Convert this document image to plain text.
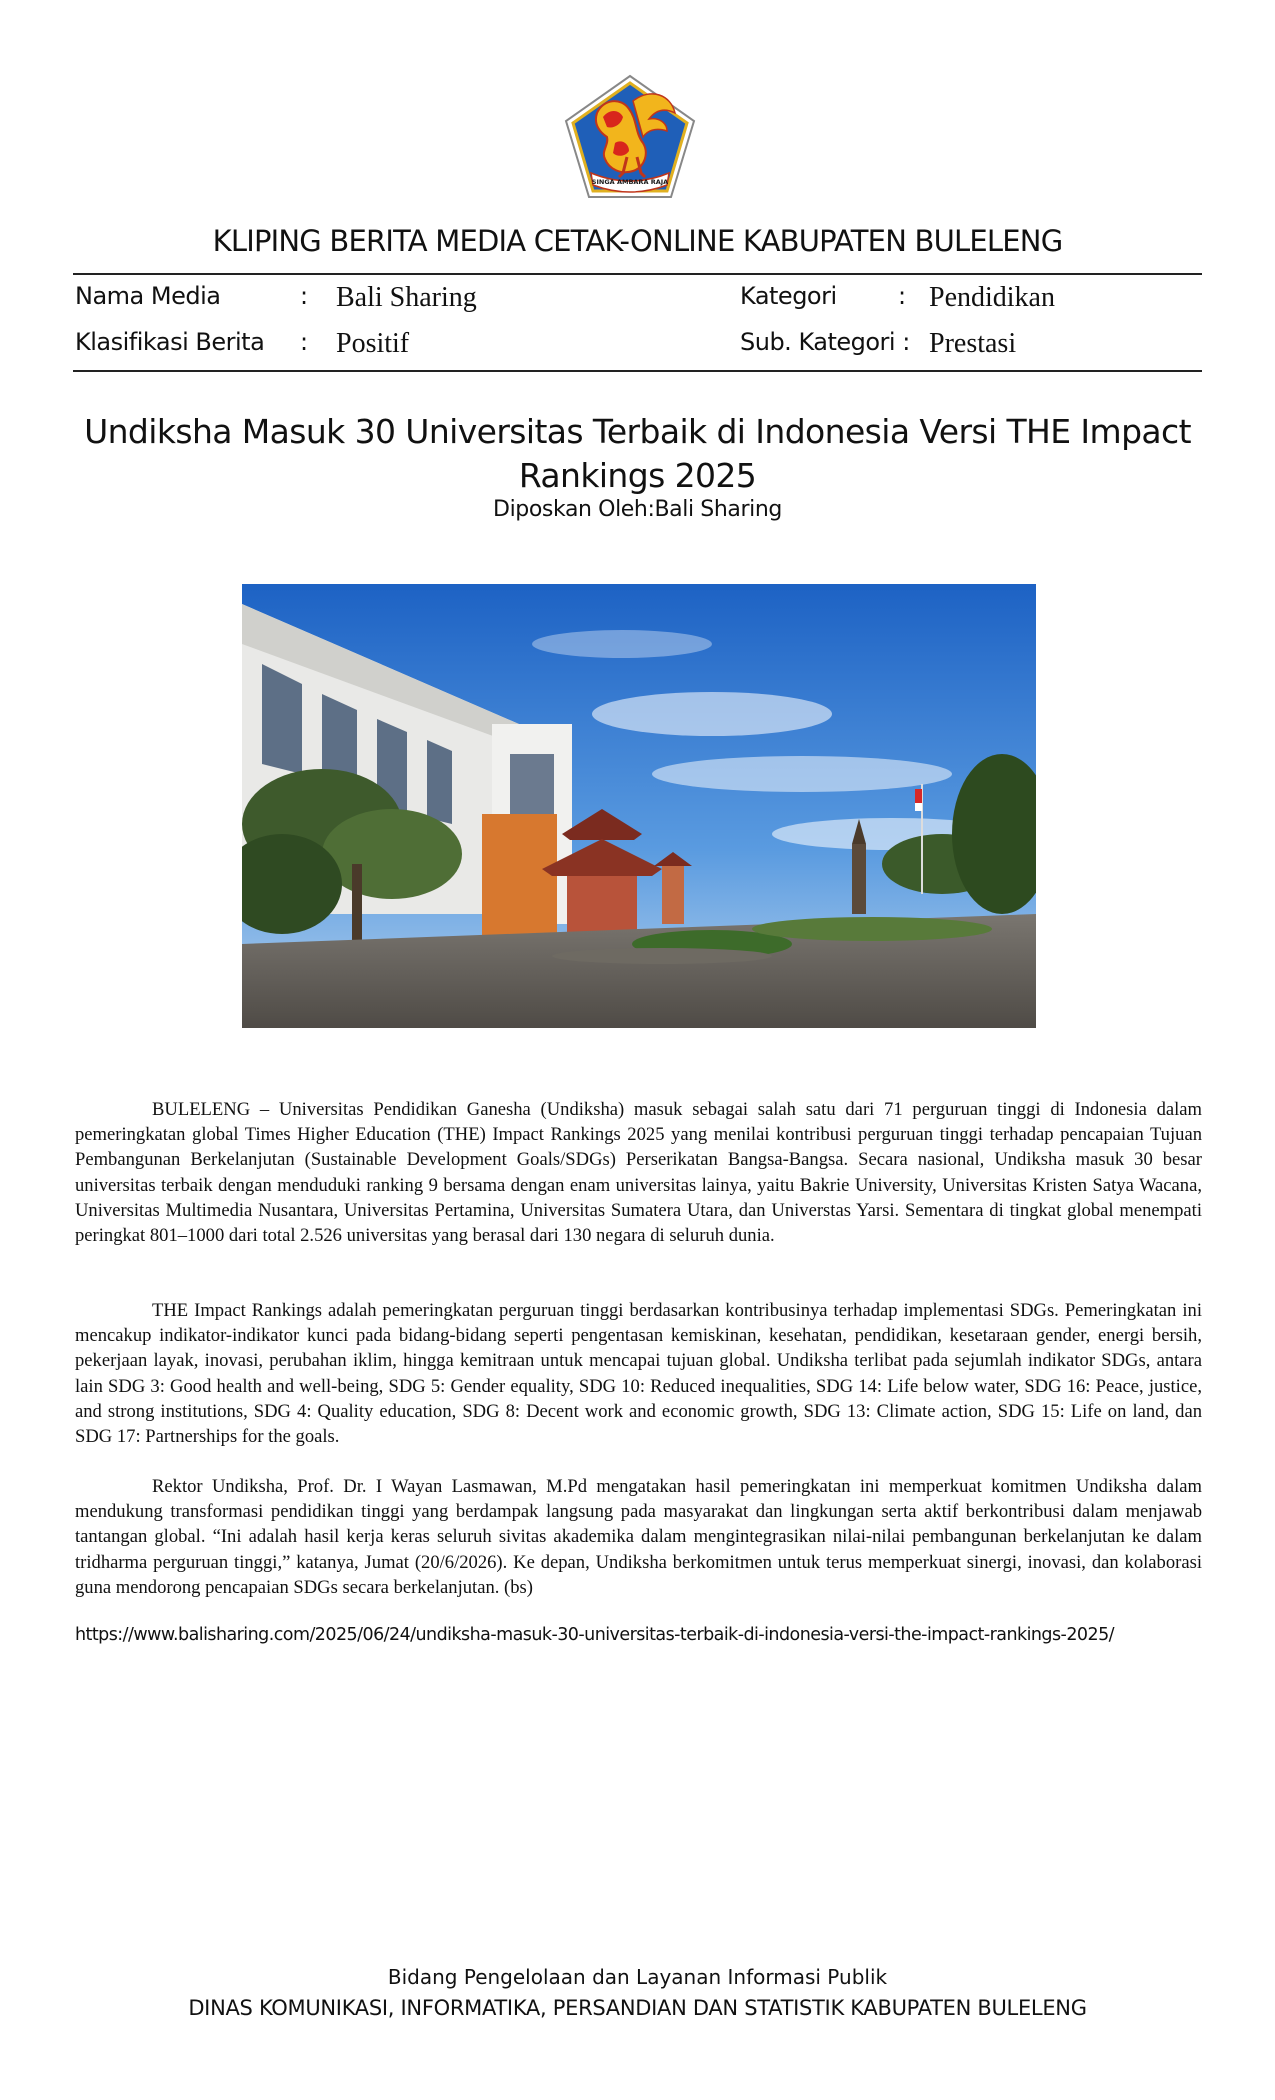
SINGA AMBARA RAJA
KLIPING BERITA MEDIA CETAK-ONLINE KABUPATEN BULELENG
Nama Media	: Bali Sharing	Kategori	: Pendidikan
Klasifikasi Berita : Positif	Sub. Kategori : Prestasi
Undiksha Masuk 30 Universitas Terbaik di Indonesia Versi THE Impact Rankings 2025
Diposkan Oleh:Bali Sharing

BULELENG – Universitas Pendidikan Ganesha (Undiksha) masuk sebagai salah satu dari 71 perguruan tinggi di Indonesia dalam pemeringkatan global Times Higher Education (THE) Impact Rankings 2025 yang menilai kontribusi perguruan tinggi terhadap pencapaian Tujuan Pembangunan Berkelanjutan (Sustainable Development Goals/SDGs) Perserikatan Bangsa-Bangsa. Secara nasional, Undiksha masuk 30 besar universitas terbaik dengan menduduki ranking 9 bersama dengan enam universitas lainya, yaitu Bakrie University, Universitas Kristen Satya Wacana, Universitas Multimedia Nusantara, Universitas Pertamina, Universitas Sumatera Utara, dan Universtas Yarsi. Sementara di tingkat global menempati peringkat 801–1000 dari total 2.526 universitas yang berasal dari 130 negara di seluruh dunia.

THE Impact Rankings adalah pemeringkatan perguruan tinggi berdasarkan kontribusinya terhadap implementasi SDGs. Pemeringkatan ini mencakup indikator-indikator kunci pada bidang-bidang seperti pengentasan kemiskinan, kesehatan, pendidikan, kesetaraan gender, energi bersih, pekerjaan layak, inovasi, perubahan iklim, hingga kemitraan untuk mencapai tujuan global. Undiksha terlibat pada sejumlah indikator SDGs, antara lain SDG 3: Good health and well-being, SDG 5: Gender equality, SDG 10: Reduced inequalities, SDG 14: Life below water, SDG 16: Peace, justice, and strong institutions, SDG 4: Quality education, SDG 8: Decent work and economic growth, SDG 13: Climate action, SDG 15: Life on land, dan SDG 17: Partnerships for the goals.

Rektor Undiksha, Prof. Dr. I Wayan Lasmawan, M.Pd mengatakan hasil pemeringkatan ini memperkuat komitmen Undiksha dalam mendukung transformasi pendidikan tinggi yang berdampak langsung pada masyarakat dan lingkungan serta aktif berkontribusi dalam menjawab tantangan global. “Ini adalah hasil kerja keras seluruh sivitas akademika dalam mengintegrasikan nilai-nilai pembangunan berkelanjutan ke dalam tridharma perguruan tinggi,” katanya, Jumat (20/6/2026). Ke depan, Undiksha berkomitmen untuk terus memperkuat sinergi, inovasi, dan kolaborasi guna mendorong pencapaian SDGs secara berkelanjutan. (bs)

https://www.balisharing.com/2025/06/24/undiksha-masuk-30-universitas-terbaik-di-indonesia-versi-the-impact-rankings-2025/
Bidang Pengelolaan dan Layanan Informasi Publik
DINAS KOMUNIKASI, INFORMATIKA, PERSANDIAN DAN STATISTIK KABUPATEN BULELENG
